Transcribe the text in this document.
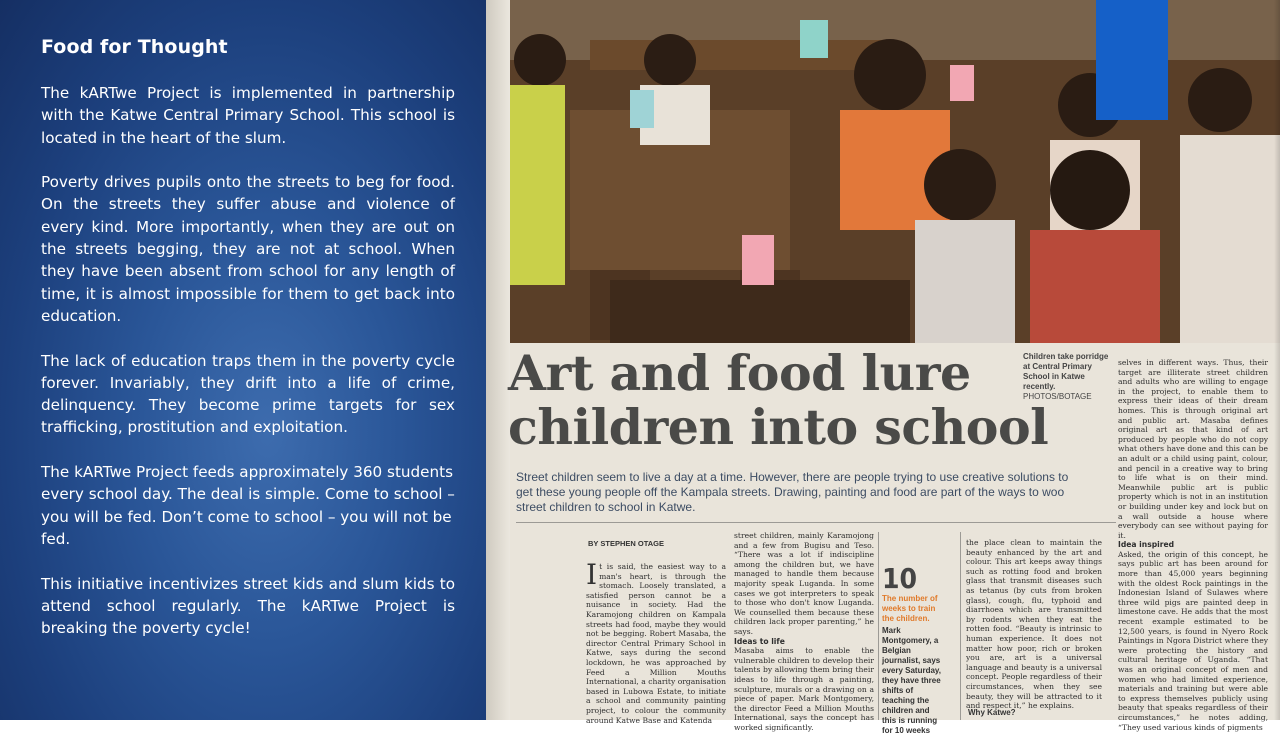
Food for Thought

The kARTwe Project is implemented in partnership with the Katwe Central Primary School. This school is located in the heart of the slum.

Poverty drives pupils onto the streets to beg for food. On the streets they suffer abuse and violence of every kind. More importantly, when they are out on the streets begging, they are not at school. When they have been absent from school for any length of time, it is almost impossible for them to get back into education.

The lack of education traps them in the poverty cycle forever. Invariably, they drift into a life of crime, delinquency. They become prime targets for sex trafficking, prostitution and exploitation.

The kARTwe Project feeds approximately 360 students every school day. The deal is simple. Come to school – you will be fed. Don’t come to school – you will not be fed.

This initiative incentivizes street kids and slum kids to attend school regularly. The kARTwe Project is breaking the poverty cycle!

Art and food lure
children into school
Children take porridge at Central Primary School in Katwe recently. PHOTOS/BOTAGE
Street children seem to live a day at a time. However, there are people trying to use creative solutions to get these young people off the Kampala streets. Drawing, painting and food are part of the ways to woo street children to school in Katwe.
BY STEPHEN OTAGE
It is said, the easiest way to a man's heart, is through the stomach. Loosely translated, a satisfied person cannot be a nuisance in society. Had the Karamojong children on Kampala streets had food, maybe they would not be begging. Robert Masaba, the director Central Primary School in Katwe, says during the second lockdown, he was approached by Feed a Million Mouths International, a charity organisation based in Lubowa Estate, to initiate a school and community painting project, to colour the community around Katwe Base and Katenda
street children, mainly Karamojong and a few from Bugisu and Teso. “There was a lot if indiscipline among the children but, we have managed to handle them because majority speak Luganda. In some cases we got interpreters to speak to those who don't know Luganda. We counselled them because these children lack proper parenting,” he says.
Ideas to life
Masaba aims to enable the vulnerable children to develop their talents by allowing them bring their ideas to life through a painting, sculpture, murals or a drawing on a piece of paper. Mark Montgomery, the director Feed a Million Mouths International, says the concept has worked significantly.
10
The number of weeks to train the children.
Mark Montgomery, a Belgian journalist, says every Saturday, they have three shifts of teaching the children and this is running for 10 weeks
the place clean to maintain the beauty enhanced by the art and colour. This art keeps away things such as rotting food and broken glass that transmit diseases such as tetanus (by cuts from broken glass), cough, flu, typhoid and diarrhoea which are transmitted by rodents when they eat the rotten food. “Beauty is intrinsic to human experience. It does not matter how poor, rich or broken you are, art is a universal language and beauty is a universal concept. People regardless of their circumstances, when they see beauty, they will be attracted to it and respect it,” he explains.
Why Katwe?
selves in different ways. Thus, their target are illiterate street children and adults who are willing to engage in the project, to enable them to express their ideas of their dream homes. This is through original art and public art. Masaba defines original art as that kind of art produced by people who do not copy what others have done and this can be an adult or a child using paint, colour, and pencil in a creative way to bring to life what is on their mind. Meanwhile public art is public property which is not in an institution or building under key and lock but on a wall outside a house where everybody can see without paying for it.
Idea inspired
Asked, the origin of this concept, he says public art has been around for more than 45,000 years beginning with the oldest Rock paintings in the Indonesian Island of Sulawes where three wild pigs are painted deep in limestone cave. He adds that the most recent example estimated to be 12,500 years, is found in Nyero Rock Paintings in Ngora District where they were protecting the history and cultural heritage of Uganda. “That was an original concept of men and women who had limited experience, materials and training but were able to express themselves publicly using beauty that speaks regardless of their circumstances,” he notes adding, “They used various kinds of pigments
